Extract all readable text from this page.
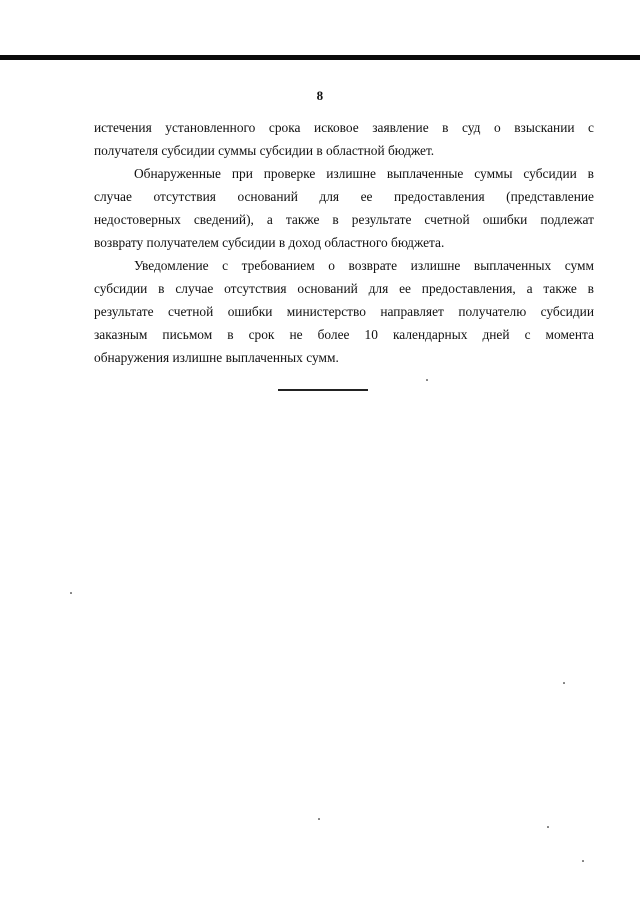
8
истечения установленного срока исковое заявление в суд о взыскании с
получателя субсидии суммы субсидии в областной бюджет.
Обнаруженные при проверке излишне выплаченные суммы субсидии в
случае отсутствия оснований для ее предоставления (представление
недостоверных сведений), а также в результате счетной ошибки подлежат
возврату получателем субсидии в доход областного бюджета.
Уведомление с требованием о возврате излишне выплаченных сумм
субсидии в случае отсутствия оснований для ее предоставления, а также в
результате счетной ошибки министерство направляет получателю субсидии
заказным письмом в срок не более 10 календарных дней с момента
обнаружения излишне выплаченных сумм.
